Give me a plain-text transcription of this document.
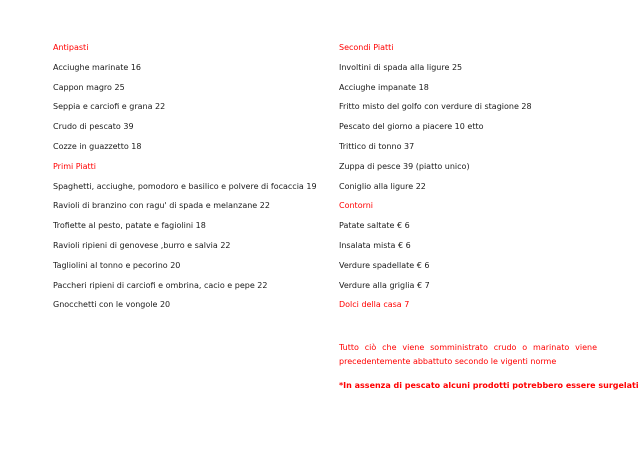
Antipasti
Acciughe marinate 16
Cappon magro 25
Seppia e carciofi e grana 22
Crudo di pescato 39
Cozze in guazzetto 18
Primi Piatti
Spaghetti, acciughe, pomodoro e basilico e polvere di focaccia 19
Ravioli di branzino con ragu' di spada e melanzane 22
Trofiette al pesto, patate e fagiolini 18
Ravioli ripieni di genovese ,burro e salvia 22
Tagliolini al tonno e pecorino 20
Paccheri ripieni di carciofi e ombrina, cacio e pepe 22
Gnocchetti con le vongole 20
Secondi Piatti
Involtini di spada alla ligure 25
Acciughe impanate 18
Fritto misto del golfo con verdure di stagione 28
Pescato del giorno a piacere 10 etto
Trittico di tonno 37
Zuppa di pesce 39 (piatto unico)
Coniglio alla ligure 22
Contorni
Patate saltate € 6
Insalata mista € 6
Verdure spadellate € 6
Verdure alla griglia € 7
Dolci della casa 7
Tutto ciò che viene somministrato crudo o marinato viene
precedentemente abbattuto secondo le vigenti norme
*In assenza di pescato alcuni prodotti potrebbero essere surgelati
